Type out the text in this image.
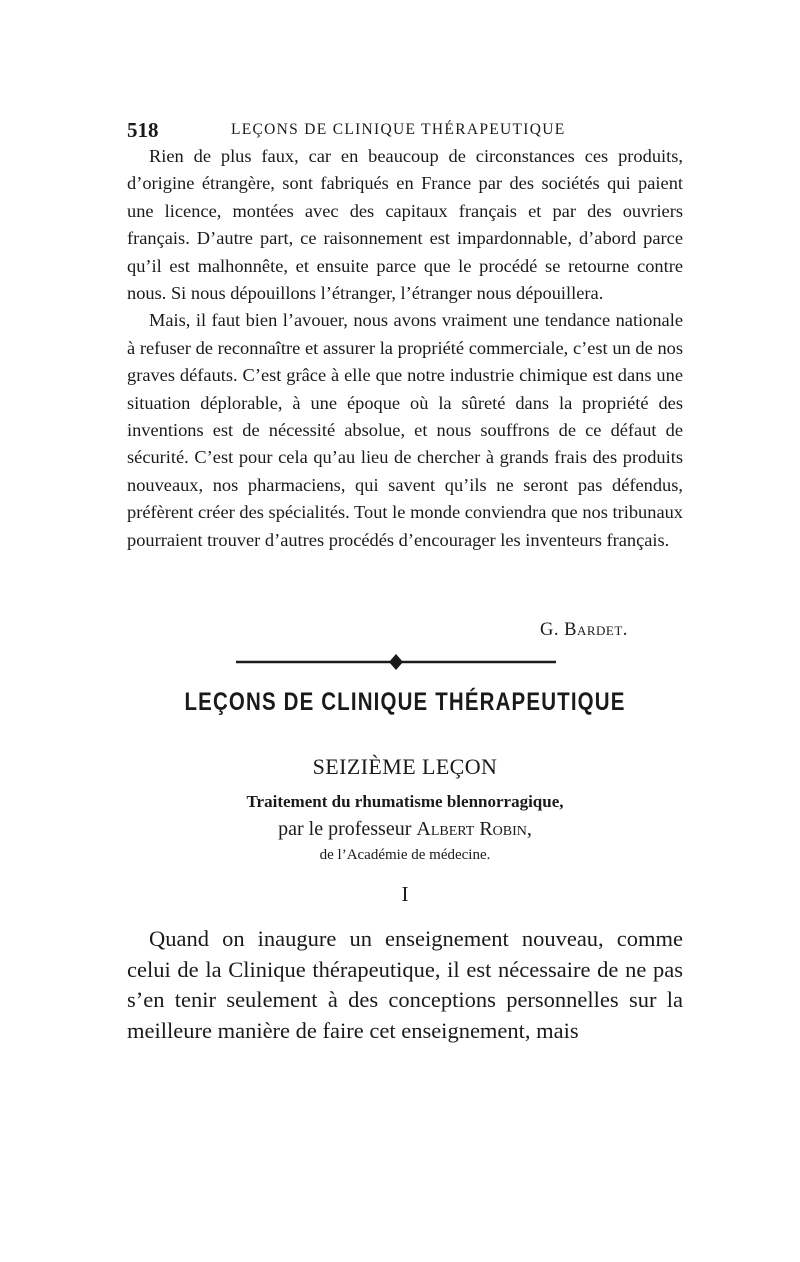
518	LEÇONS DE CLINIQUE THÉRAPEUTIQUE

Rien de plus faux, car en beaucoup de circonstances ces produits, d’origine étrangère, sont fabriqués en France par des sociétés qui paient une licence, montées avec des capitaux français et par des ouvriers français. D’autre part, ce raisonnement est impardonnable, d’abord parce qu’il est malhonnête, et ensuite parce que le procédé se retourne contre nous. Si nous dépouillons l’étranger, l’étranger nous dépouillera.

Mais, il faut bien l’avouer, nous avons vraiment une tendance nationale à refuser de reconnaître et assurer la propriété commerciale, c’est un de nos graves défauts. C’est grâce à elle que notre industrie chimique est dans une situation déplorable, à une époque où la sûreté dans la propriété des inventions est de nécessité absolue, et nous souffrons de ce défaut de sécurité. C’est pour cela qu’au lieu de chercher à grands frais des produits nouveaux, nos pharmaciens, qui savent qu’ils ne seront pas défendus, préfèrent créer des spécialités. Tout le monde conviendra que nos tribunaux pourraient trouver d’autres procédés d’encourager les inventeurs français.

G. Bardet.
LEÇONS DE CLINIQUE THÉRAPEUTIQUE
SEIZIÈME LEÇON
Traitement du rhumatisme blennorragique,
par le professeur Albert Robin,
de l’Académie de médecine.
I

Quand on inaugure un enseignement nouveau, comme celui de la Clinique thérapeutique, il est nécessaire de ne pas s’en tenir seulement à des conceptions personnelles sur la meilleure manière de faire cet enseignement, mais
